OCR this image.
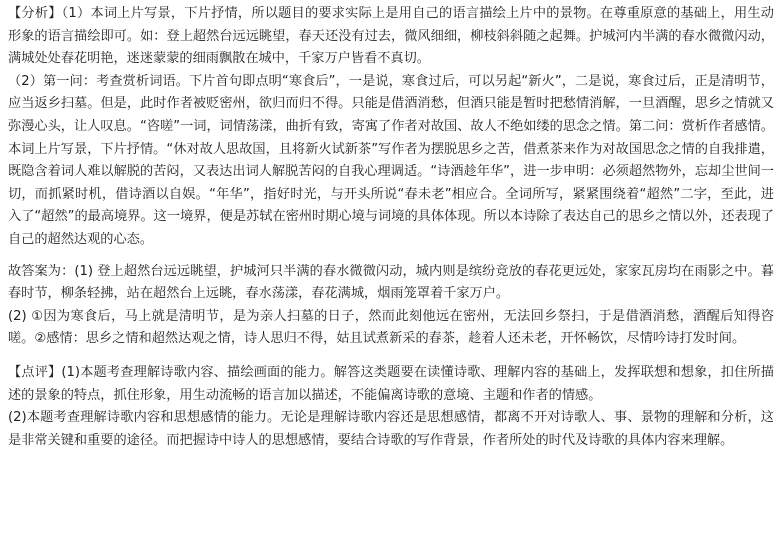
【分析】（1）本词上片写景，下片抒情，所以题目的要求实际上是用自己的语言描绘上片中的景物。在尊重原意的基础上，用生动形象的语言描绘即可。如：登上超然台远远眺望，春天还没有过去，微风细细，柳枝斜斜随之起舞。护城河内半满的春水微微闪动，满城处处春花明艳，迷迷蒙蒙的细雨飘散在城中，千家万户皆看不真切。

（2）第一问：考查赏析词语。下片首句即点明“寒食后”，一是说，寒食过后，可以另起“新火”，二是说，寒食过后，正是清明节，应当返乡扫墓。但是，此时作者被贬密州，欲归而归不得。只能是借酒消愁，但酒只能是暂时把愁情消解，一旦酒醒，思乡之情就又弥漫心头，让人叹息。“咨嗟”一词，词情荡漾，曲折有致，寄寓了作者对故国、故人不绝如缕的思念之情。第二问：赏析作者感情。本词上片写景，下片抒情。“休对故人思故国，且将新火试新茶”写作者为摆脱思乡之苦，借煮茶来作为对故国思念之情的自我排遣，既隐含着词人难以解脱的苦闷，又表达出词人解脱苦闷的自我心理调适。“诗酒趁年华”，进一步申明：必须超然物外，忘却尘世间一切，而抓紧时机，借诗酒以自娱。“年华”，指好时光，与开头所说“春未老”相应合。全词所写，紧紧围绕着“超然”二字，至此，进入了“超然”的最高境界。这一境界，便是苏轼在密州时期心境与词境的具体体现。所以本诗除了表达自己的思乡之情以外，还表现了自己的超然达观的心态。

故答案为：(1) 登上超然台远远眺望，护城河只半满的春水微微闪动，城内则是缤纷竞放的春花更远处，家家瓦房均在雨影之中。暮春时节，柳条轻拂，站在超然台上远眺，春水荡漾，春花满城，烟雨笼罩着千家万户。

(2) ①因为寒食后，马上就是清明节，是为亲人扫墓的日子，然而此刻他远在密州，无法回乡祭扫，于是借酒消愁，酒醒后知得咨嗟。②感情：思乡之情和超然达观之情，诗人思归不得，姑且试煮新采的春茶，趁着人还未老，开怀畅饮，尽情吟诗打发时间。

【点评】(1)本题考查理解诗歌内容、描绘画面的能力。解答这类题要在读懂诗歌、理解内容的基础上，发挥联想和想象，扣住所描述的景象的特点，抓住形象，用生动流畅的语言加以描述，不能偏离诗歌的意境、主题和作者的情感。

(2)本题考查理解诗歌内容和思想感情的能力。无论是理解诗歌内容还是思想感情，都离不开对诗歌人、事、景物的理解和分析，这是非常关键和重要的途径。而把握诗中诗人的思想感情，要结合诗歌的写作背景，作者所处的时代及诗歌的具体内容来理解。
